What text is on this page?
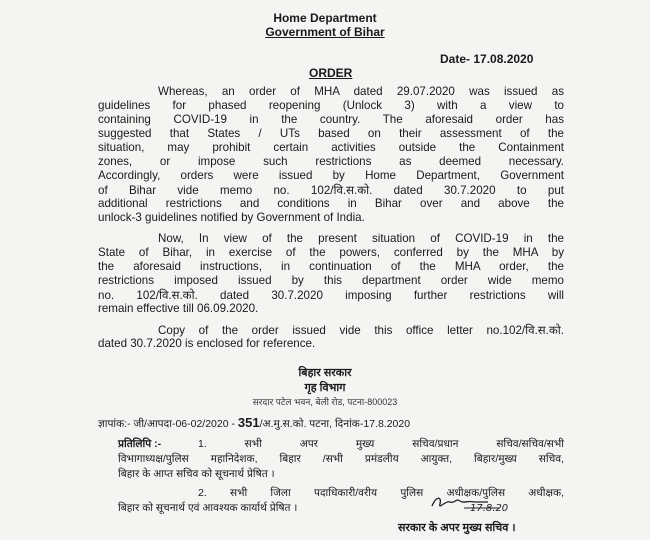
Home Department
Government of Bihar
Date- 17.08.2020
ORDER
Whereas, an order of MHA dated 29.07.2020 was issued as
guidelines for phased reopening (Unlock 3) with a view to
containing COVID-19 in the country. The aforesaid order has
suggested that States / UTs based on their assessment of the
situation, may prohibit certain activities outside the Containment
zones, or impose such restrictions as deemed necessary.
Accordingly, orders were issued by Home Department, Government
of Bihar vide memo no. 102/वि.स.को. dated 30.7.2020 to put
additional restrictions and conditions in Bihar over and above the
unlock-3 guidelines notified by Government of India.
Now, In view of the present situation of COVID-19 in the
State of Bihar, in exercise of the powers, conferred by the MHA by
the aforesaid instructions, in continuation of the MHA order, the
restrictions imposed issued by this department order wide memo
no. 102/वि.स.को. dated 30.7.2020 imposing further restrictions will
remain effective till 06.09.2020.
Copy of the order issued vide this office letter no.102/वि.स.को.
dated 30.7.2020 is enclosed for reference.
बिहार सरकार
गृह विभाग
सरदार पटेल भवन, बेली रोड, पटना-800023
ज्ञापांक:- जी/आपदा-06-02/2020 - 351/अ.मु.स.को. पटना, दिनांक-17.8.2020
प्रतिलिपि :-	1. सभी अपर मुख्य सचिव/प्रधान सचिव/सचिव/सभी
विभागाध्यक्ष/पुलिस महानिदेशक, बिहार /सभी प्रमंडलीय आयुक्त, बिहार/मुख्य सचिव,
बिहार के आप्त सचिव को सूचनार्थ प्रेषित ।
2. सभी जिला पदाधिकारी/वरीय पुलिस अधीक्षक/पुलिस अधीक्षक,
बिहार को सूचनार्थ एवं आवश्यक कार्यार्थ प्रेषित ।	17.8.20
सरकार के अपर मुख्य सचिव ।
